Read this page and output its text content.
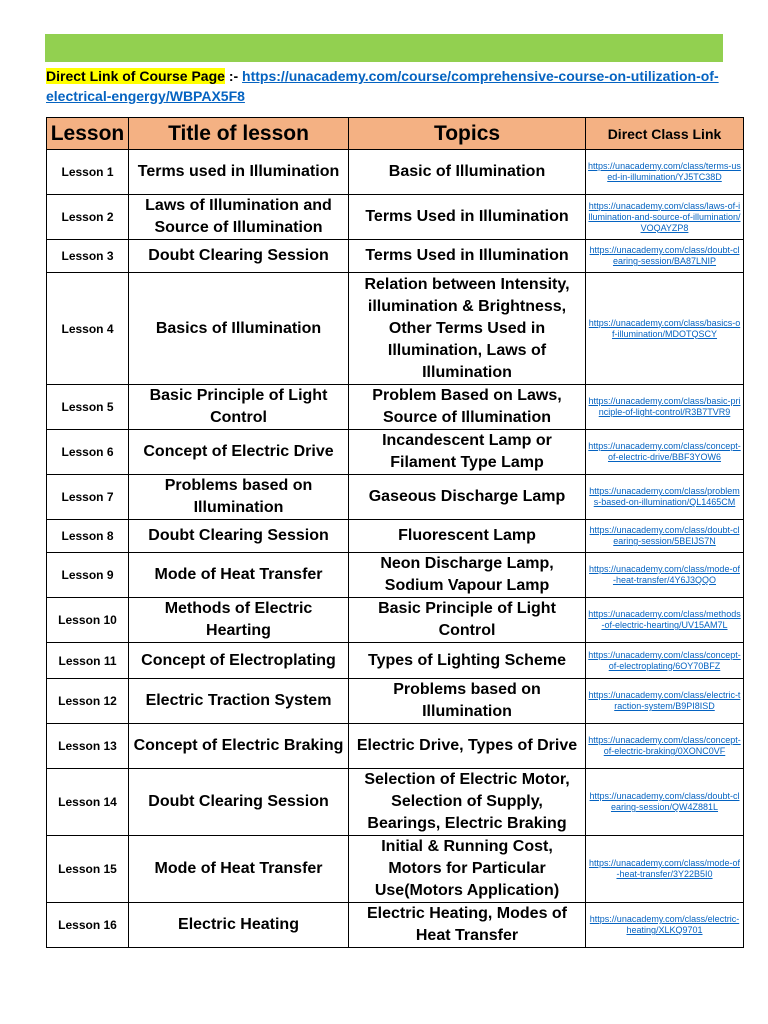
Direct Link of Course Page :- https://unacademy.com/course/comprehensive-course-on-utilization-of-electrical-engergy/WBPAX5F8
Lesson	Title of lesson	Topics	Direct Class Link
Lesson 1	Terms used in Illumination	Basic of Illumination	https://unacademy.com/class/terms-used-in-illumination/YJ5TC38D
Lesson 2	Laws of Illumination and Source of Illumination	Terms Used in Illumination	https://unacademy.com/class/laws-of-illumination-and-source-of-illumination/VOQAYZP8
Lesson 3	Doubt Clearing Session	Terms Used in Illumination	https://unacademy.com/class/doubt-clearing-session/BA87LNIP
Lesson 4	Basics of Illumination	Relation between Intensity, illumination & Brightness, Other Terms Used in Illumination, Laws of Illumination	https://unacademy.com/class/basics-of-illumination/MDOTQSCY
Lesson 5	Basic Principle of Light Control	Problem Based on Laws, Source of Illumination	https://unacademy.com/class/basic-principle-of-light-control/R3B7TVR9
Lesson 6	Concept of Electric Drive	Incandescent Lamp or Filament Type Lamp	https://unacademy.com/class/concept-of-electric-drive/BBF3YOW6
Lesson 7	Problems based on Illumination	Gaseous Discharge Lamp	https://unacademy.com/class/problems-based-on-illumination/QL1465CM
Lesson 8	Doubt Clearing Session	Fluorescent Lamp	https://unacademy.com/class/doubt-clearing-session/5BEIJS7N
Lesson 9	Mode of Heat Transfer	Neon Discharge Lamp, Sodium Vapour Lamp	https://unacademy.com/class/mode-of-heat-transfer/4Y6J3QQO
Lesson 10	Methods of Electric Hearting	Basic Principle of Light Control	https://unacademy.com/class/methods-of-electric-hearting/UV15AM7L
Lesson 11	Concept of Electroplating	Types of Lighting Scheme	https://unacademy.com/class/concept-of-electroplating/6OY70BFZ
Lesson 12	Electric Traction System	Problems based on Illumination	https://unacademy.com/class/electric-traction-system/B9PI8ISD
Lesson 13	Concept of Electric Braking	Electric Drive, Types of Drive	https://unacademy.com/class/concept-of-electric-braking/0XONC0VF
Lesson 14	Doubt Clearing Session	Selection of Electric Motor, Selection of Supply, Bearings, Electric Braking	https://unacademy.com/class/doubt-clearing-session/QW4Z881L
Lesson 15	Mode of Heat Transfer	Initial & Running Cost, Motors for Particular Use(Motors Application)	https://unacademy.com/class/mode-of-heat-transfer/3Y22B5I0
Lesson 16	Electric Heating	Electric Heating, Modes of Heat Transfer	https://unacademy.com/class/electric-heating/XLKQ9701
